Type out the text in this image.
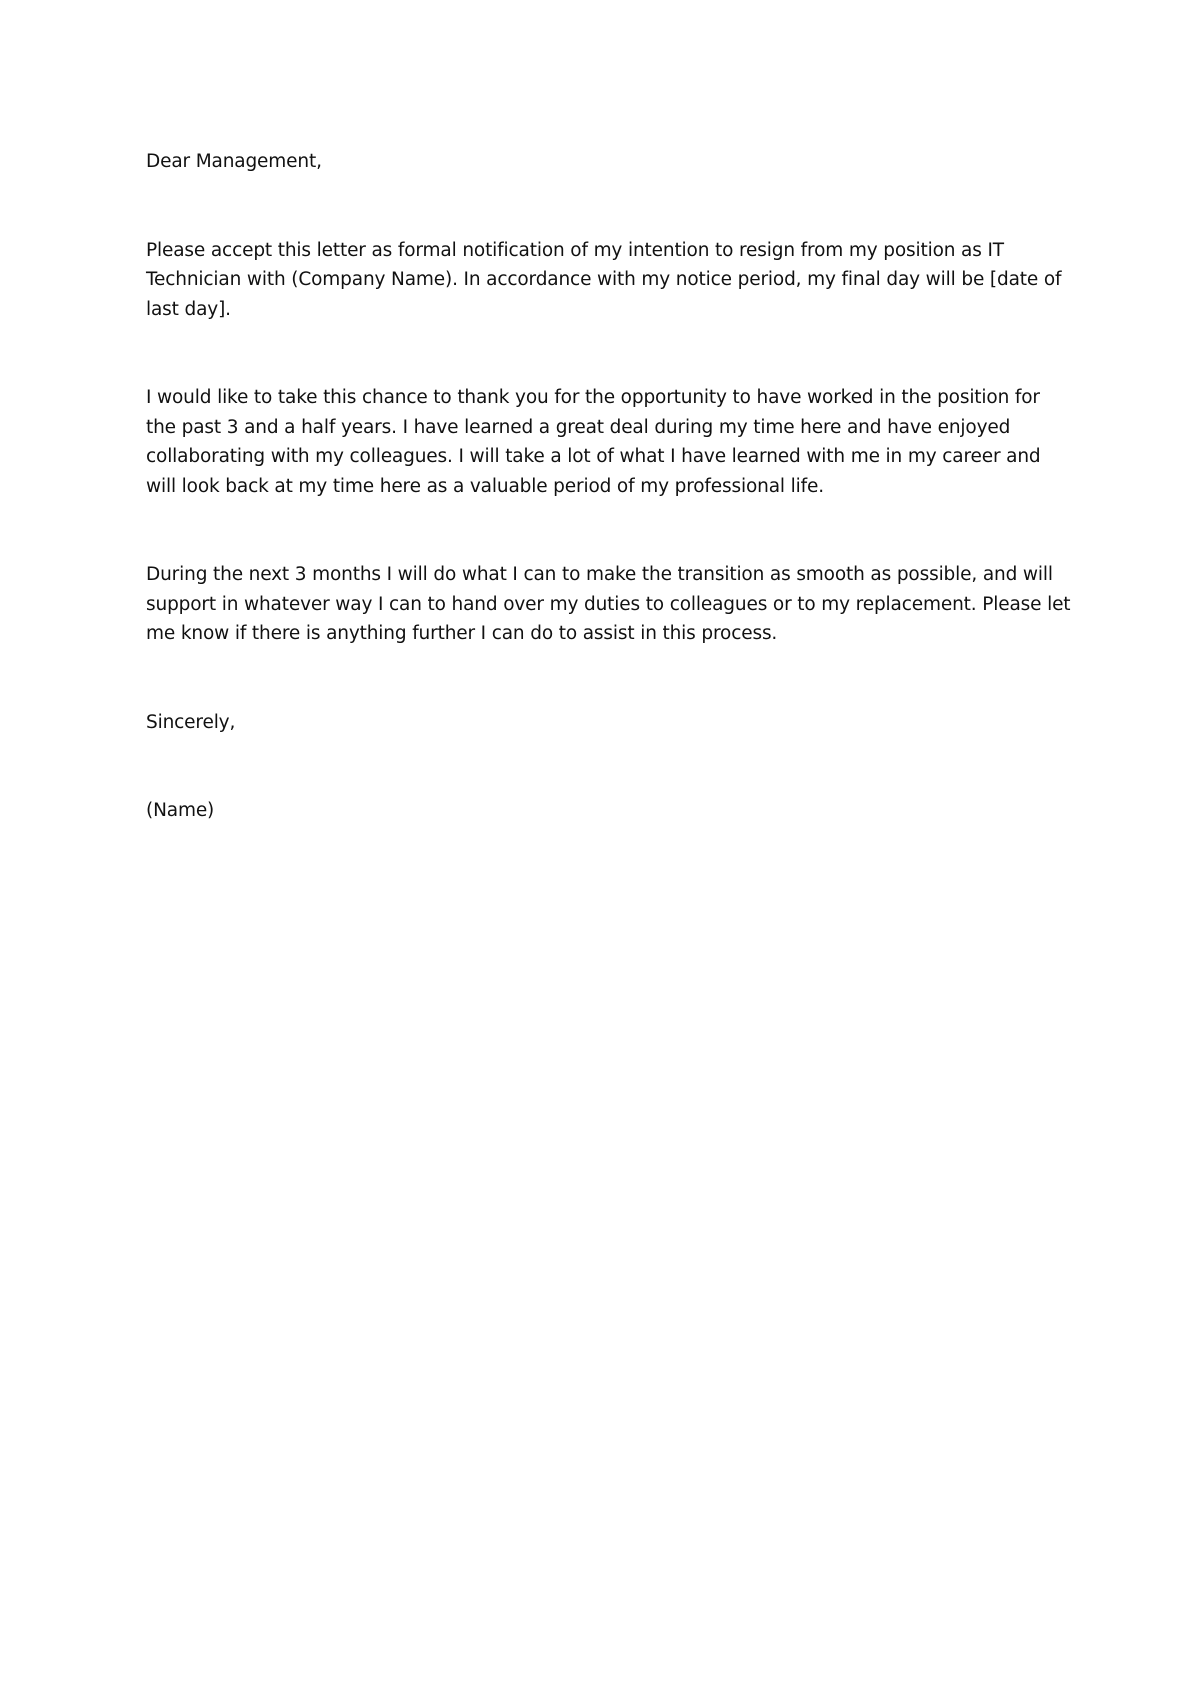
Dear Management,

Please accept this letter as formal notification of my intention to resign from my position as IT
Technician with (Company Name). In accordance with my notice period, my final day will be [date of
last day].

I would like to take this chance to thank you for the opportunity to have worked in the position for
the past 3 and a half years. I have learned a great deal during my time here and have enjoyed
collaborating with my colleagues. I will take a lot of what I have learned with me in my career and
will look back at my time here as a valuable period of my professional life.

During the next 3 months I will do what I can to make the transition as smooth as possible, and will
support in whatever way I can to hand over my duties to colleagues or to my replacement. Please let
me know if there is anything further I can do to assist in this process.

Sincerely,

(Name)
